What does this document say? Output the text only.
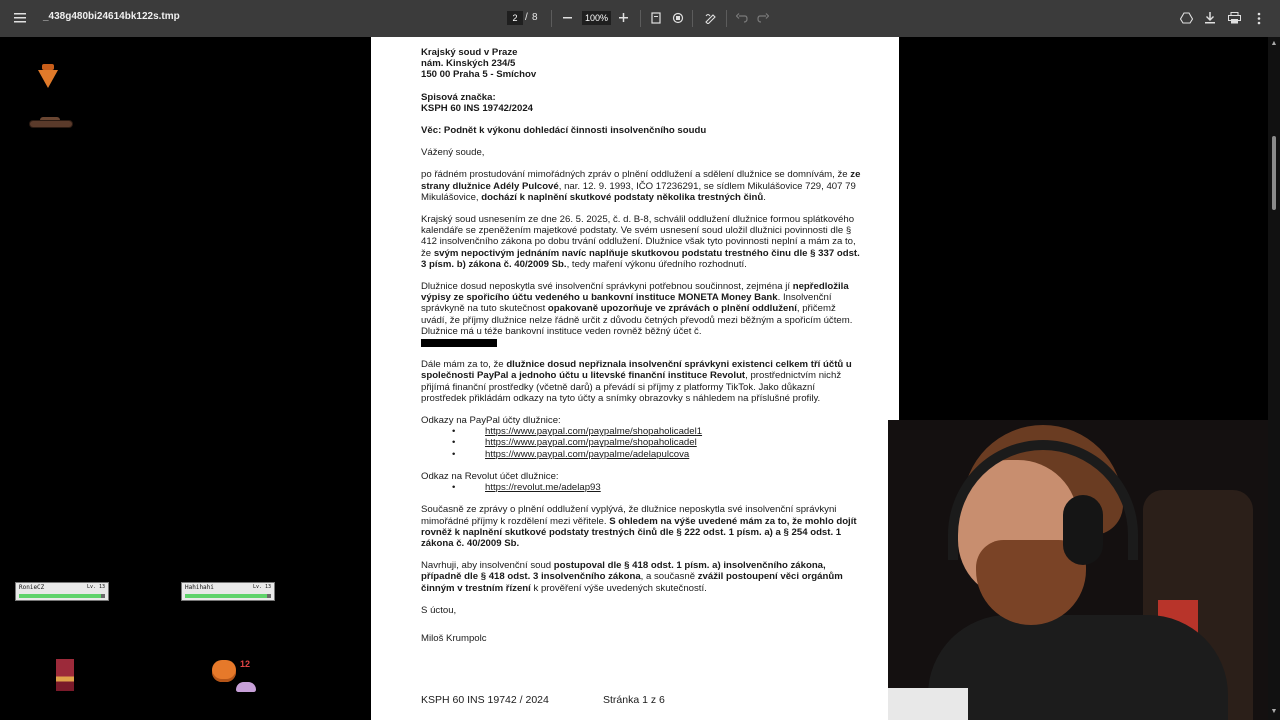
_438g480bi24614bk122s.tmp	2 / 8	100%
RonieCZ	Lv. 13	Hahihahi	Lv. 13
12

Krajský soud v Praze
nám. Kinských 234/5
150 00 Praha 5 - Smíchov

Spisová značka:
KSPH 60 INS 19742/2024

Věc: Podnět k výkonu dohledácí činnosti insolvenčního soudu

Vážený soude,

po řádném prostudování mimořádných zpráv o plnění oddlužení a sdělení dlužnice se domnívám, že ze strany dlužnice Adély Pulcové, nar. 12. 9. 1993, IČO 17236291, se sídlem Mikulášovice 729, 407 79 Mikulášovice, dochází k naplnění skutkové podstaty několika trestných činů.

Krajský soud usnesením ze dne 26. 5. 2025, č. d. B-8, schválil oddlužení dlužnice formou splátkového kalendáře se zpeněžením majetkové podstaty. Ve svém usnesení soud uložil dlužnici povinnosti dle § 412 insolvenčního zákona po dobu trvání oddlužení. Dlužnice však tyto povinnosti neplní a mám za to, že svým nepoctivým jednáním navíc naplňuje skutkovou podstatu trestného činu dle § 337 odst. 3 písm. b) zákona č. 40/2009 Sb., tedy maření výkonu úředního rozhodnutí.

Dlužnice dosud neposkytla své insolvenční správkyni potřebnou součinnost, zejména jí nepředložila výpisy ze spořicího účtu vedeného u bankovní instituce MONETA Money Bank. Insolvenční správkyně na tuto skutečnost opakovaně upozorňuje ve zprávách o plnění oddlužení, přičemž uvádí, že příjmy dlužnice nelze řádně určit z důvodu četných převodů mezi běžným a spořicím účtem. Dlužnice má u téže bankovní instituce veden rovněž běžný účet č.

Dále mám za to, že dlužnice dosud nepřiznala insolvenční správkyni existenci celkem tří účtů u společnosti PayPal a jednoho účtu u litevské finanční instituce Revolut, prostřednictvím nichž přijímá finanční prostředky (včetně darů) a převádí si příjmy z platformy TikTok. Jako důkazní prostředek přikládám odkazy na tyto účty a snímky obrazovky s náhledem na příslušné profily.

Odkazy na PayPal účty dlužnice:
• https://www.paypal.com/paypalme/shopaholicadel1
• https://www.paypal.com/paypalme/shopaholicadel
• https://www.paypal.com/paypalme/adelapulcova
Odkaz na Revolut účet dlužnice:
• https://revolut.me/adelap93

Současně ze zprávy o plnění oddlužení vyplývá, že dlužnice neposkytla své insolvenční správkyni mimořádné příjmy k rozdělení mezi věřitele. S ohledem na výše uvedené mám za to, že mohlo dojít rovněž k naplnění skutkové podstaty trestných činů dle § 222 odst. 1 písm. a) a § 254 odst. 1 zákona č. 40/2009 Sb.

Navrhuji, aby insolvenční soud postupoval dle § 418 odst. 1 písm. a) insolvenčního zákona, případně dle § 418 odst. 3 insolvenčního zákona, a současně zvážil postoupení věci orgánům činným v trestním řízení k prověření výše uvedených skutečností.

S úctou,

Miloš Krumpolc

KSPH 60 INS 19742 / 2024	Stránka 1 z 6
▲
▼
